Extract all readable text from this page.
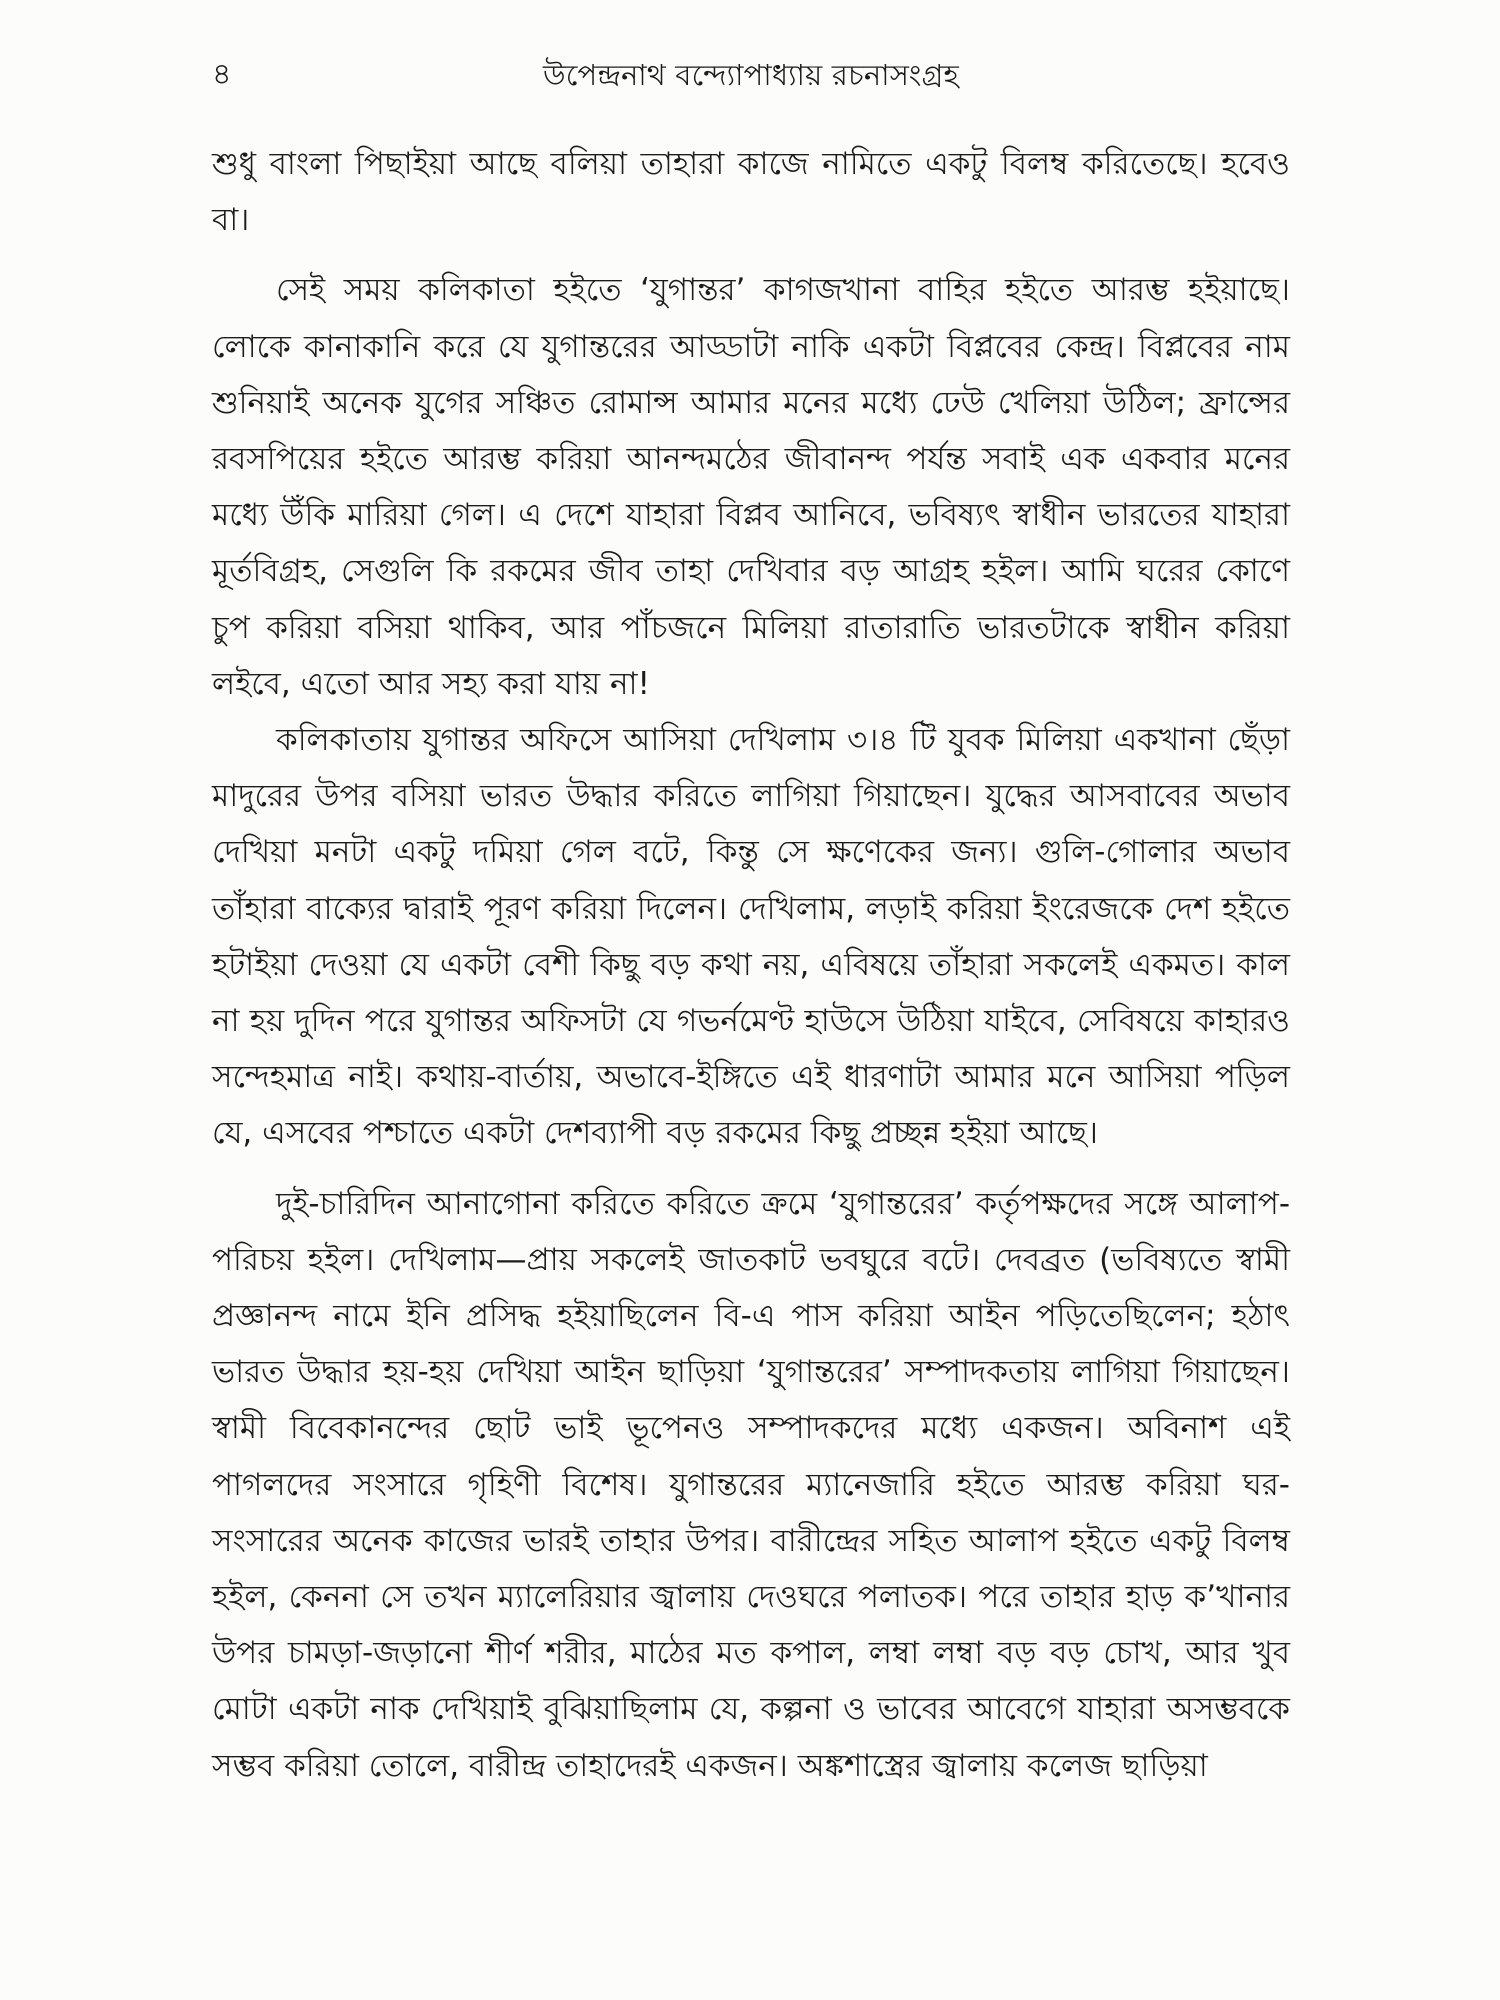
৪	উপেন্দ্রনাথ বন্দ্যোপাধ্যায় রচনাসংগ্রহ

শুধু বাংলা পিছাইয়া আছে বলিয়া তাহারা কাজে নামিতে একটু বিলম্ব করিতেছে। হবেও বা।

সেই সময় কলিকাতা হইতে ‘যুগান্তর’ কাগজখানা বাহির হইতে আরম্ভ হইয়াছে। লোকে কানাকানি করে যে যুগান্তরের আড্ডাটা নাকি একটা বিপ্লবের কেন্দ্র। বিপ্লবের নাম শুনিয়াই অনেক যুগের সঞ্চিত রোমান্স আমার মনের মধ্যে ঢেউ খেলিয়া উঠিল; ফ্রান্সের রবসপিয়ের হইতে আরম্ভ করিয়া আনন্দমঠের জীবানন্দ পর্যন্ত সবাই এক একবার মনের মধ্যে উঁকি মারিয়া গেল। এ দেশে যাহারা বিপ্লব আনিবে, ভবিষ্যৎ স্বাধীন ভারতের যাহারা মূর্তবিগ্রহ, সেগুলি কি রকমের জীব তাহা দেখিবার বড় আগ্রহ হইল। আমি ঘরের কোণে চুপ করিয়া বসিয়া থাকিব, আর পাঁচজনে মিলিয়া রাতারাতি ভারতটাকে স্বাধীন করিয়া লইবে, এতো আর সহ্য করা যায় না!

কলিকাতায় যুগান্তর অফিসে আসিয়া দেখিলাম ৩।৪ টি যুবক মিলিয়া একখানা ছেঁড়া মাদুরের উপর বসিয়া ভারত উদ্ধার করিতে লাগিয়া গিয়াছেন। যুদ্ধের আসবাবের অভাব দেখিয়া মনটা একটু দমিয়া গেল বটে, কিন্তু সে ক্ষণেকের জন্য। গুলি-গোলার অভাব তাঁহারা বাক্যের দ্বারাই পূরণ করিয়া দিলেন। দেখিলাম, লড়াই করিয়া ইংরেজকে দেশ হইতে হটাইয়া দেওয়া যে একটা বেশী কিছু বড় কথা নয়, এবিষয়ে তাঁহারা সকলেই একমত। কাল না হয় দুদিন পরে যুগান্তর অফিসটা যে গভর্নমেণ্ট হাউসে উঠিয়া যাইবে, সেবিষয়ে কাহারও সন্দেহমাত্র নাই। কথায়-বার্তায়, অভাবে-ইঙ্গিতে এই ধারণাটা আমার মনে আসিয়া পড়িল যে, এসবের পশ্চাতে একটা দেশব্যাপী বড় রকমের কিছু প্রচ্ছন্ন হইয়া আছে।

দুই-চারিদিন আনাগোনা করিতে করিতে ক্রমে ‘যুগান্তরের’ কর্তৃপক্ষদের সঙ্গে আলাপ-পরিচয় হইল। দেখিলাম—প্রায় সকলেই জাতকাট ভবঘুরে বটে। দেবব্রত (ভবিষ্যতে স্বামী প্রজ্ঞানন্দ নামে ইনি প্রসিদ্ধ হইয়াছিলেন বি-এ পাস করিয়া আইন পড়িতেছিলেন; হঠাৎ ভারত উদ্ধার হয়-হয় দেখিয়া আইন ছাড়িয়া ‘যুগান্তরের’ সম্পাদকতায় লাগিয়া গিয়াছেন। স্বামী বিবেকানন্দের ছোট ভাই ভূপেনও সম্পাদকদের মধ্যে একজন। অবিনাশ এই পাগলদের সংসারে গৃহিণী বিশেষ। যুগান্তরের ম্যানেজারি হইতে আরম্ভ করিয়া ঘর-সংসারের অনেক কাজের ভারই তাহার উপর। বারীন্দ্রের সহিত আলাপ হইতে একটু বিলম্ব হইল, কেননা সে তখন ম্যালেরিয়ার জ্বালায় দেওঘরে পলাতক। পরে তাহার হাড় ক’খানার উপর চামড়া-জড়ানো শীর্ণ শরীর, মাঠের মত কপাল, লম্বা লম্বা বড় বড় চোখ, আর খুব মোটা একটা নাক দেখিয়াই বুঝিয়াছিলাম যে, কল্পনা ও ভাবের আবেগে যাহারা অসম্ভবকে সম্ভব করিয়া তোলে, বারীন্দ্র তাহাদেরই একজন। অঙ্কশাস্ত্রের জ্বালায় কলেজ ছাড়িয়া
